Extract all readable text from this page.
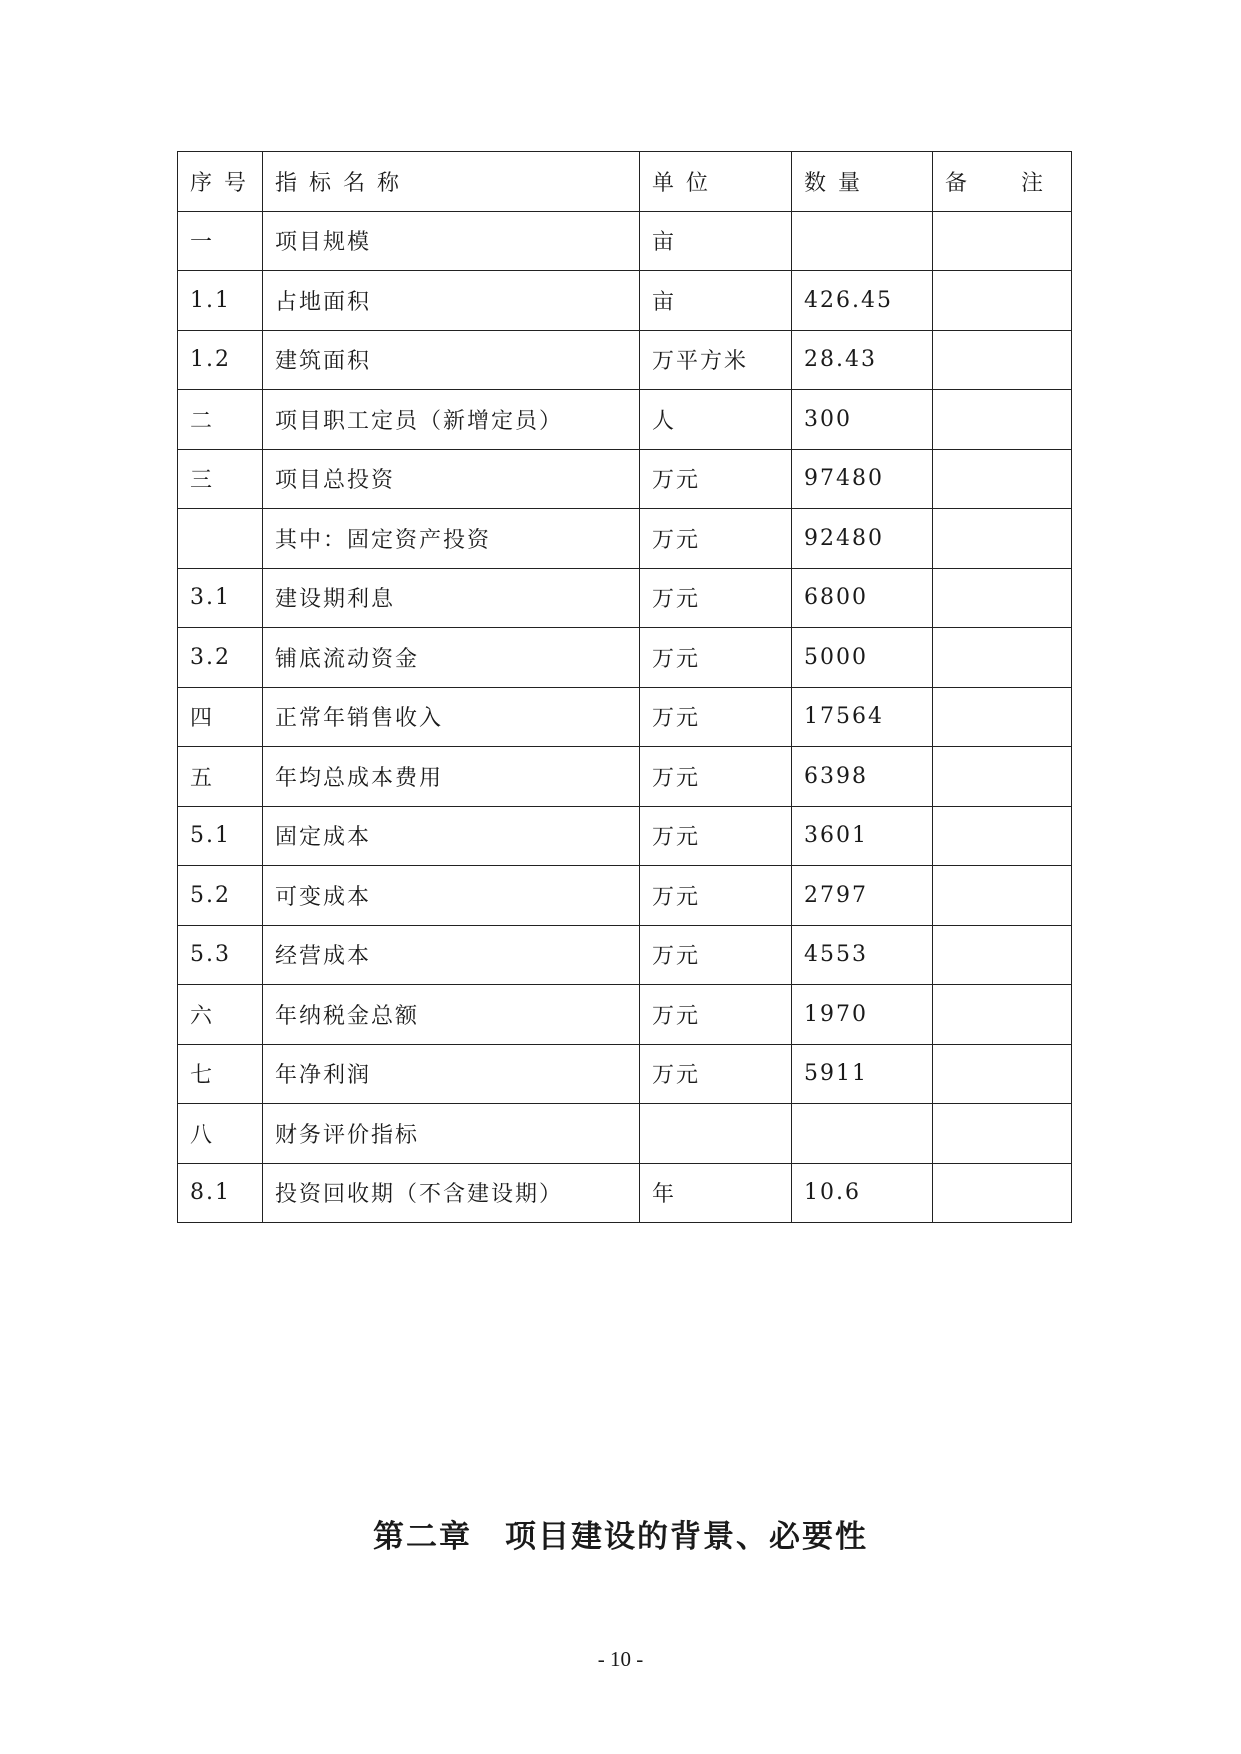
序号	指标名称	单位	数量	备 注

一	项目规模	亩		
1.1	占地面积	亩	426.45	
1.2	建筑面积	万平方米	28.43	
二	项目职工定员（新增定员）	人	300	
三	项目总投资	万元	97480	
	其中：固定资产投资	万元	92480	
3.1	建设期利息	万元	6800	
3.2	铺底流动资金	万元	5000	
四	正常年销售收入	万元	17564	
五	年均总成本费用	万元	6398	
5.1	固定成本	万元	3601	
5.2	可变成本	万元	2797	
5.3	经营成本	万元	4553	
六	年纳税金总额	万元	1970	
七	年净利润	万元	5911	
八	财务评价指标			
8.1	投资回收期（不含建设期）	年	10.6	
第二章　项目建设的背景、必要性
- 10 -
